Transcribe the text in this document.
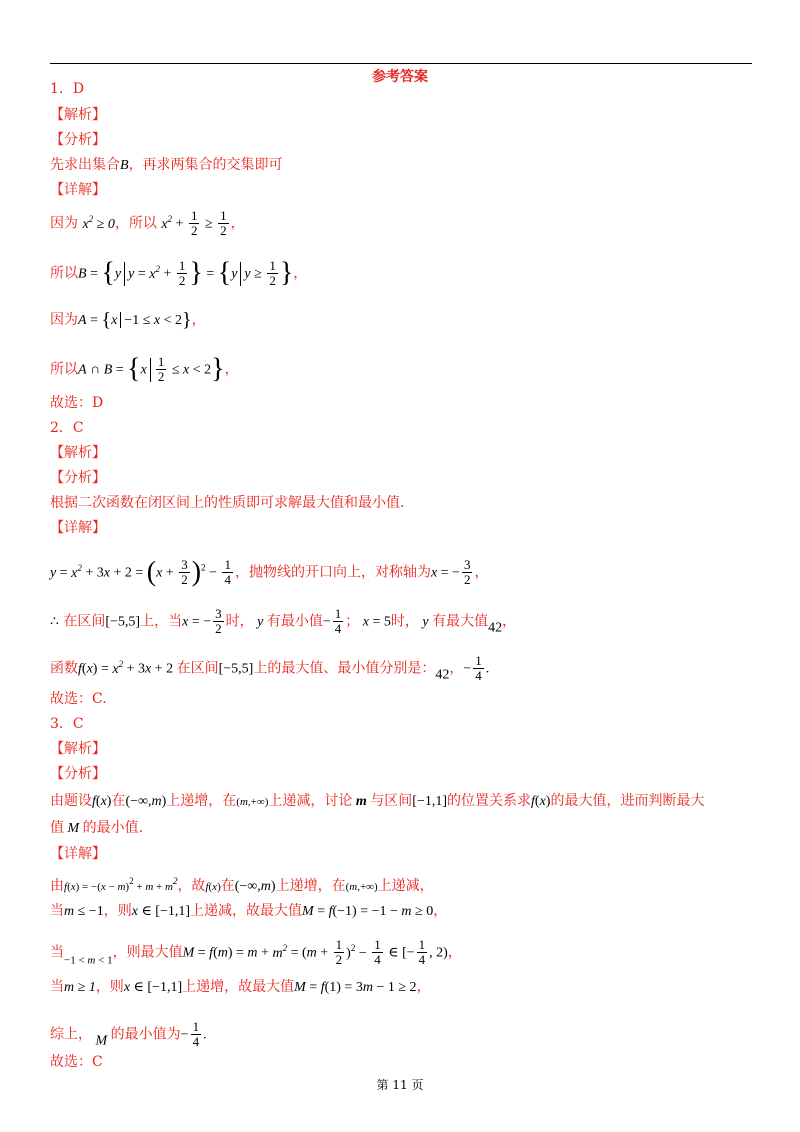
参考答案
1．D
【解析】
【分析】
先求出集合B，再求两集合的交集即可
【详解】
因为 $x^2 \ge 0$，所以 $x^2 + \frac{1}{2} \ge \frac{1}{2}$ ，
所以B = {y $y = x^2 + \frac{1}{2}$ } = {y $y \ge \frac{1}{2}$ }，
因为A = {x −1 ≤ x < 2}，
所以A ∩ $B = \{x \frac{1}{2} \le x < 2\}$，
故选：D
2．C
【解析】
【分析】
根据二次函数在闭区间上的性质即可求解最大值和最小值.
【详解】
$y = x^2 + 3x + 2 = (x + \frac{3}{2} )^2 - \frac{1}{4}$ ，抛物线的开口向上，对称轴为x = − $\frac{3}{2}$ ，
∴ 在区间[−5,5]上，当x = − $\frac{3}{2}$ 时， y 有最小值− $\frac{1}{4}$ ； x = 5时， y 有最大值42，
函数$f(x) = x^2 + 3x + 2$ 在区间[−5,5]上的最大值、最小值分别是：42，− $\frac{1}{4}$ .
故选：C.
3．C
【解析】
【分析】
由题设f(x)在(−∞,m)上递增，在(m,+∞)上递减，讨论 m 与区间[−1,1]的位置关系求f(x)的最大值，进而判断最大
值 M 的最小值.
【详解】
由$f(x) = -(x - m)^2 + m + m^2$，故f(x)在(−∞,m)上递增，在(m,+∞)上递减，
当m ≤ −1，则x ∈ [−1,1]上递减，故最大值M = f(−1) = −1 − m ≥ 0，
当$_{-1 <}$ $_m$ $_{< 1}$，则最大值$M = f(m) = m + m^2 = (m + \frac{1}{2} )^2 - \frac{1}{4}$ ∈ [− $\frac{1}{4}$ , 2)，
当m ≥ 1，则x ∈ [−1,1]上递增，故最大值M = f(1) = 3m − 1 ≥ 2，
综上， M 的最小值为− $\frac{1}{4}$ .
故选：C
第 11 页
